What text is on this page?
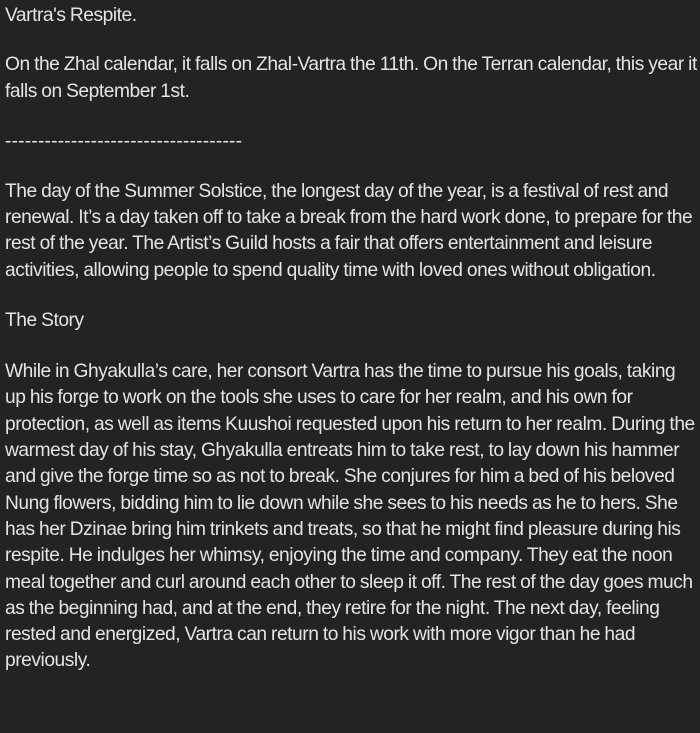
Vartra's Respite.

On the Zhal calendar, it falls on Zhal-Vartra the 11th. On the Terran calendar, this year it falls on September 1st.

------------------------------------

The day of the Summer Solstice, the longest day of the year, is a festival of rest and renewal. It’s a day taken off to take a break from the hard work done, to prepare for the rest of the year. The Artist’s Guild hosts a fair that offers entertainment and leisure activities, allowing people to spend quality time with loved ones without obligation.

The Story

While in Ghyakulla’s care, her consort Vartra has the time to pursue his goals, taking up his forge to work on the tools she uses to care for her realm, and his own for protection, as well as items Kuushoi requested upon his return to her realm. During the warmest day of his stay, Ghyakulla entreats him to take rest, to lay down his hammer and give the forge time so as not to break. She conjures for him a bed of his beloved Nung flowers, bidding him to lie down while she sees to his needs as he to hers. She has her Dzinae bring him trinkets and treats, so that he might find pleasure during his respite. He indulges her whimsy, enjoying the time and company. They eat the noon meal together and curl around each other to sleep it off. The rest of the day goes much as the beginning had, and at the end, they retire for the night. The next day, feeling rested and energized, Vartra can return to his work with more vigor than he had previously.
